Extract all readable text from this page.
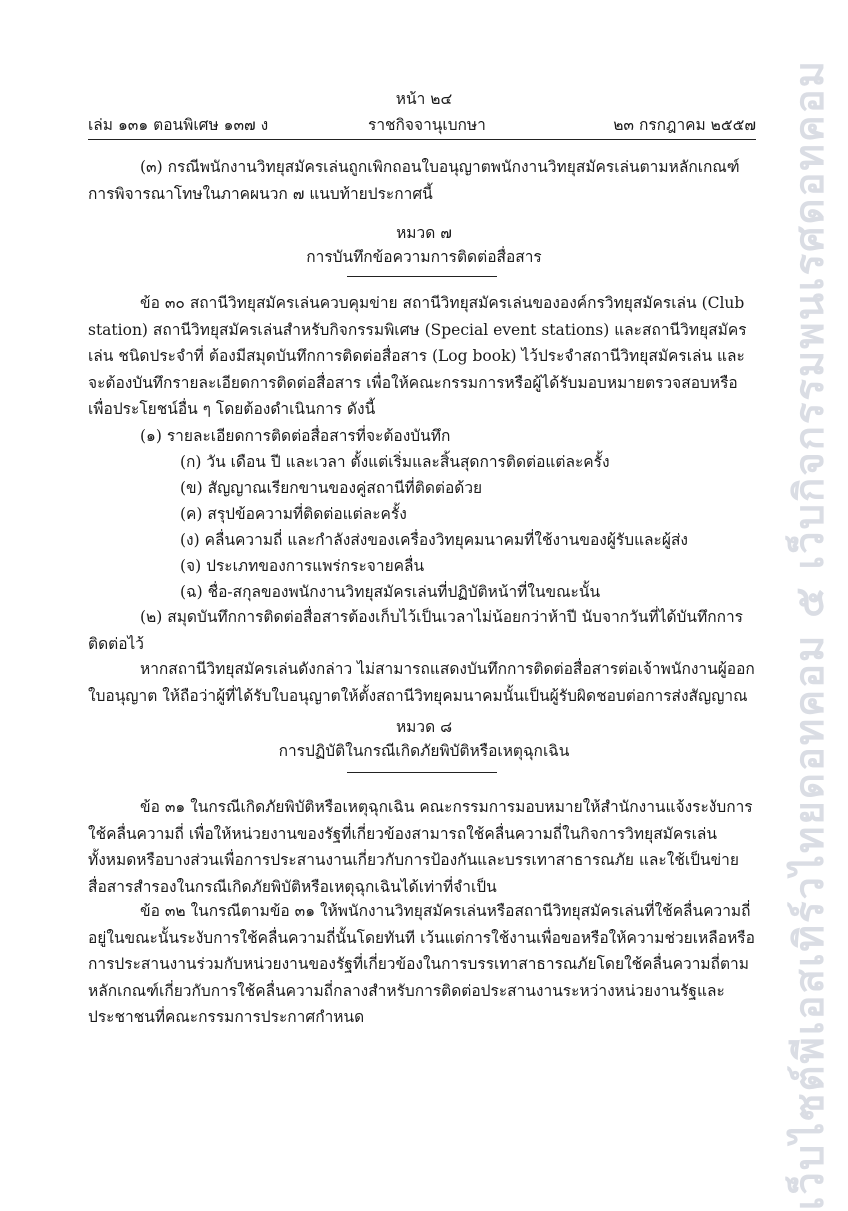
หน้า ๒๔
เล่ม ๑๓๑ ตอนพิเศษ ๑๓๗ ง	ราชกิจจานุเบกษา	๒๓ กรกฎาคม ๒๕๕๗

(๓) กรณีพนักงานวิทยุสมัครเล่นถูกเพิกถอนใบอนุญาตพนักงานวิทยุสมัครเล่นตามหลักเกณฑ์การพิจารณาโทษในภาคผนวก ๗ แนบท้ายประกาศนี้

หมวด ๗
การบันทึกข้อความการติดต่อสื่อสาร

ข้อ ๓๐ สถานีวิทยุสมัครเล่นควบคุมข่าย สถานีวิทยุสมัครเล่นขององค์กรวิทยุสมัครเล่น (Club station) สถานีวิทยุสมัครเล่นสำหรับกิจกรรมพิเศษ (Special event stations) และสถานีวิทยุสมัครเล่น ชนิดประจำที่ ต้องมีสมุดบันทึกการติดต่อสื่อสาร (Log book) ไว้ประจำสถานีวิทยุสมัครเล่น และจะต้องบันทึกรายละเอียดการติดต่อสื่อสาร เพื่อให้คณะกรรมการหรือผู้ได้รับมอบหมายตรวจสอบหรือเพื่อประโยชน์อื่น ๆ โดยต้องดำเนินการ ดังนี้

(๑) รายละเอียดการติดต่อสื่อสารที่จะต้องบันทึก
(ก) วัน เดือน ปี และเวลา ตั้งแต่เริ่มและสิ้นสุดการติดต่อแต่ละครั้ง
(ข) สัญญาณเรียกขานของคู่สถานีที่ติดต่อด้วย
(ค) สรุปข้อความที่ติดต่อแต่ละครั้ง
(ง) คลื่นความถี่ และกำลังส่งของเครื่องวิทยุคมนาคมที่ใช้งานของผู้รับและผู้ส่ง
(จ) ประเภทของการแพร่กระจายคลื่น
(ฉ) ชื่อ-สกุลของพนักงานวิทยุสมัครเล่นที่ปฏิบัติหน้าที่ในขณะนั้น

(๒) สมุดบันทึกการติดต่อสื่อสารต้องเก็บไว้เป็นเวลาไม่น้อยกว่าห้าปี นับจากวันที่ได้บันทึกการติดต่อไว้

หากสถานีวิทยุสมัครเล่นดังกล่าว ไม่สามารถแสดงบันทึกการติดต่อสื่อสารต่อเจ้าพนักงานผู้ออกใบอนุญาต ให้ถือว่าผู้ที่ได้รับใบอนุญาตให้ตั้งสถานีวิทยุคมนาคมนั้นเป็นผู้รับผิดชอบต่อการส่งสัญญาณ

หมวด ๘
การปฏิบัติในกรณีเกิดภัยพิบัติหรือเหตุฉุกเฉิน

ข้อ ๓๑ ในกรณีเกิดภัยพิบัติหรือเหตุฉุกเฉิน คณะกรรมการมอบหมายให้สำนักงานแจ้งระงับการใช้คลื่นความถี่ เพื่อให้หน่วยงานของรัฐที่เกี่ยวข้องสามารถใช้คลื่นความถี่ในกิจการวิทยุสมัครเล่นทั้งหมดหรือบางส่วนเพื่อการประสานงานเกี่ยวกับการป้องกันและบรรเทาสาธารณภัย และใช้เป็นข่ายสื่อสารสำรองในกรณีเกิดภัยพิบัติหรือเหตุฉุกเฉินได้เท่าที่จำเป็น

ข้อ ๓๒ ในกรณีตามข้อ ๓๑ ให้พนักงานวิทยุสมัครเล่นหรือสถานีวิทยุสมัครเล่นที่ใช้คลื่นความถี่อยู่ในขณะนั้นระงับการใช้คลื่นความถี่นั้นโดยทันที เว้นแต่การใช้งานเพื่อขอหรือให้ความช่วยเหลือหรือการประสานงานร่วมกับหน่วยงานของรัฐที่เกี่ยวข้องในการบรรเทาสาธารณภัยโดยใช้คลื่นความถี่ตามหลักเกณฑ์เกี่ยวกับการใช้คลื่นความถี่กลางสำหรับการติดต่อประสานงานระหว่างหน่วยงานรัฐและประชาชนที่คณะกรรมการประกาศกำหนด	เว็บไซต์พีเอสเทิร์วไทยดอทคอม ๕ เว็บกิจกรรมพนเรศดอทคอม
